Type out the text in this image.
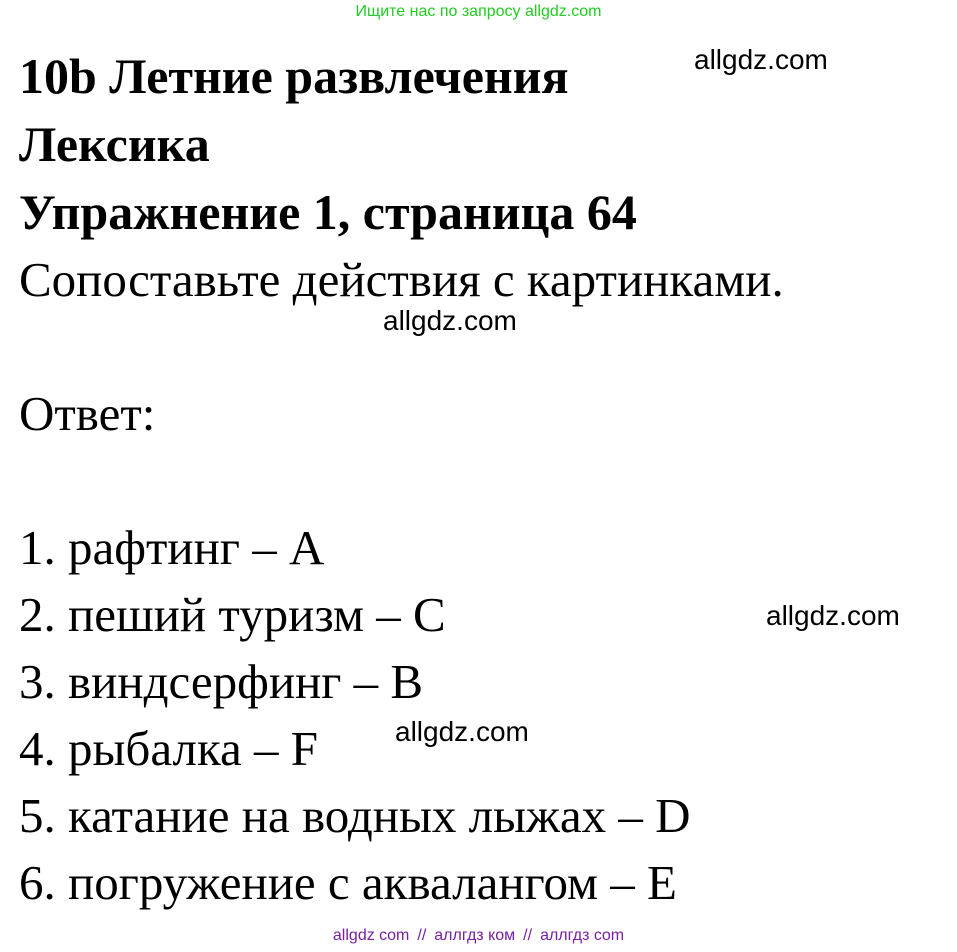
Ищите нас по запросу allgdz.com
10b Летние развлечения
Лексика
Упражнение 1, страница 64
Сопоставьте действия с картинками.
Ответ:
1. рафтинг – A
2. пеший туризм – C
3. виндсерфинг – B
4. рыбалка – F
5. катание на водных лыжах – D
6. погружение с аквалангом – E
allgdz.com
allgdz.com
allgdz.com
allgdz.com
allgdz com // аллгдз ком // аллгдз com
